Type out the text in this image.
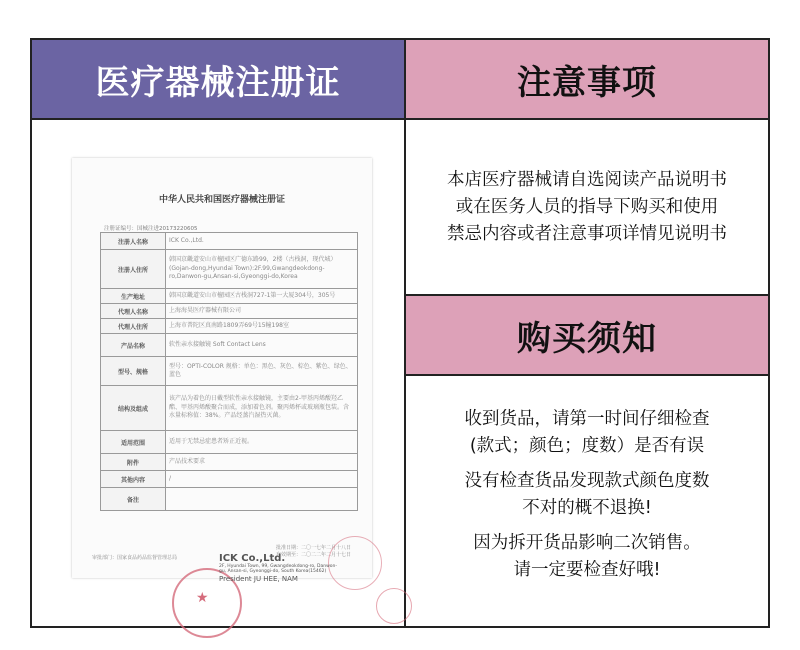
医疗器械注册证
中华人民共和国医疗器械注册证
注册证编号：国械注进20173220605
注册人名称	ICK Co.,Ltd.
注册人住所	韩国京畿道安山市檀园区广德东路99，2楼（古栈洞，现代城）(Gojan-dong,Hyundai Town):2F.99,Gwangdeokdong-ro,Danwon-gu,Ansan-si,Gyeonggi-do,Korea
生产地址	韩国京畿道安山市檀园区古栈洞727-1第一大厦304号，305号
代理人名称	上海海昊医疗器械有限公司
代理人住所	上海市普陀区真南路1809弄69号15幢198室
产品名称	软性亲水接触镜 Soft Contact Lens
型号、规格	型号：OPTI-COLOR 规格：单色：黑色、灰色、棕色、紫色、绿色、蓝色
结构及组成	该产品为着色的日戴型软性亲水接触镜，主要由2-甲基丙烯酸羟乙酯、甲基丙烯酸聚合而成，添加着色剂。聚丙烯杯或玻璃瓶包装。含水量标称值：38%。产品经蒸汽湿热灭菌。
适用范围	适用于无禁忌症患者矫正近视。
附件	产品技术要求
其他内容	/
备注	
批准日期：二〇一七年二月十八日
有效期至：二〇二二年二月十七日
审批部门：国家食品药品监督管理总局
★
ICK Co.,Ltd.
2F, Hyundai Town, 99, Gwangdeokdong-ro, Danwon-gu, Ansan-si, Gyeonggi-do, South Korea(15462)
President JU HEE, NAM
注意事项
本店医疗器械请自选阅读产品说明书
或在医务人员的指导下购买和使用
禁忌内容或者注意事项详情见说明书
购买须知
收到货品，请第一时间仔细检查
(款式；颜色；度数）是否有误
没有检查货品发现款式颜色度数
不对的概不退换!
因为拆开货品影响二次销售。
请一定要检查好哦!
